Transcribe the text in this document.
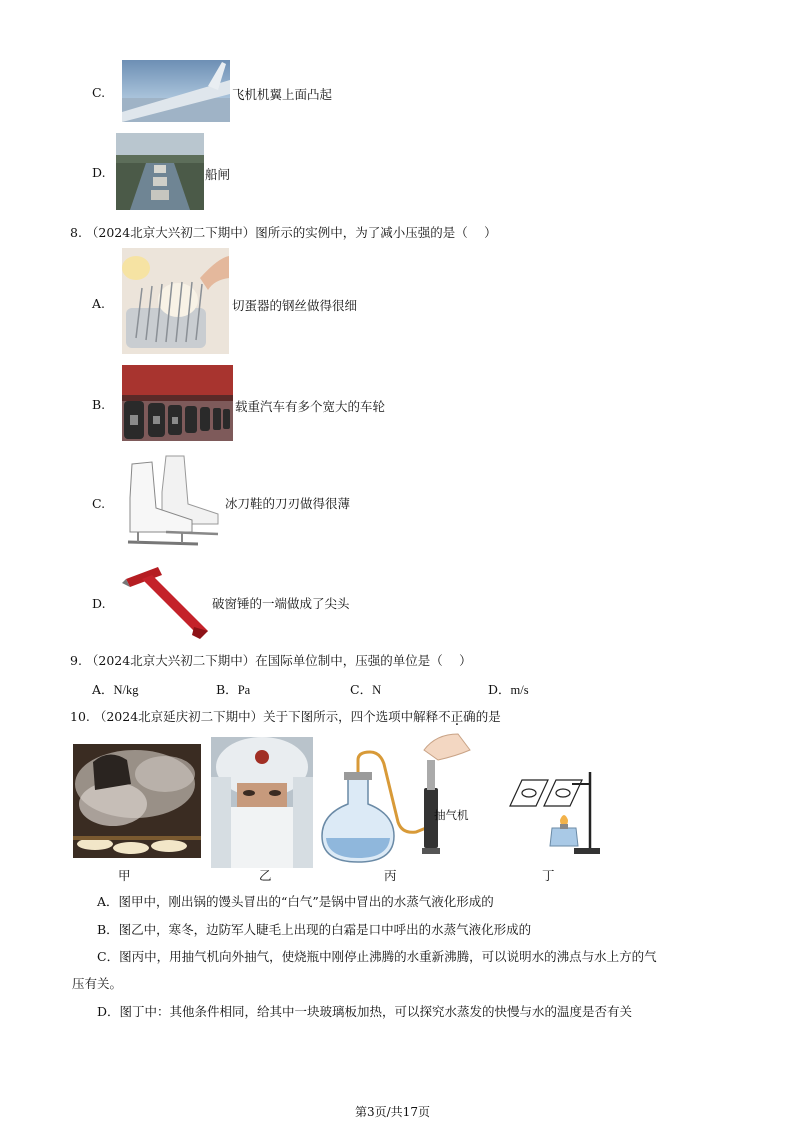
C.	飞机机翼上面凸起
D.	船闸
8. （2024北京大兴初二下期中）图所示的实例中，为了减小压强的是（　 ）
A.	切蛋器的钢丝做得很细
B.	载重汽车有多个宽大的车轮
C.	冰刀鞋的刀刃做得很薄
D.	破窗锤的一端做成了尖头
9. （2024北京大兴初二下期中）在国际单位制中，压强的单位是（　 ）
A．N/kg	B．Pa	C．N	D．m/s
10. （2024北京延庆初二下期中）关于下图所示，四个选项中解释不正确的是
甲	乙
抽气机
丙	丁
A．图甲中，刚出锅的馒头冒出的“白气”是锅中冒出的水蒸气液化形成的
B．图乙中，寒冬，边防军人睫毛上出现的白霜是口中呼出的水蒸气液化形成的
C．图丙中，用抽气机向外抽气，使烧瓶中刚停止沸腾的水重新沸腾，可以说明水的沸点与水上方的气
压有关。
D．图丁中：其他条件相同，给其中一块玻璃板加热，可以探究水蒸发的快慢与水的温度是否有关
第3页/共17页
